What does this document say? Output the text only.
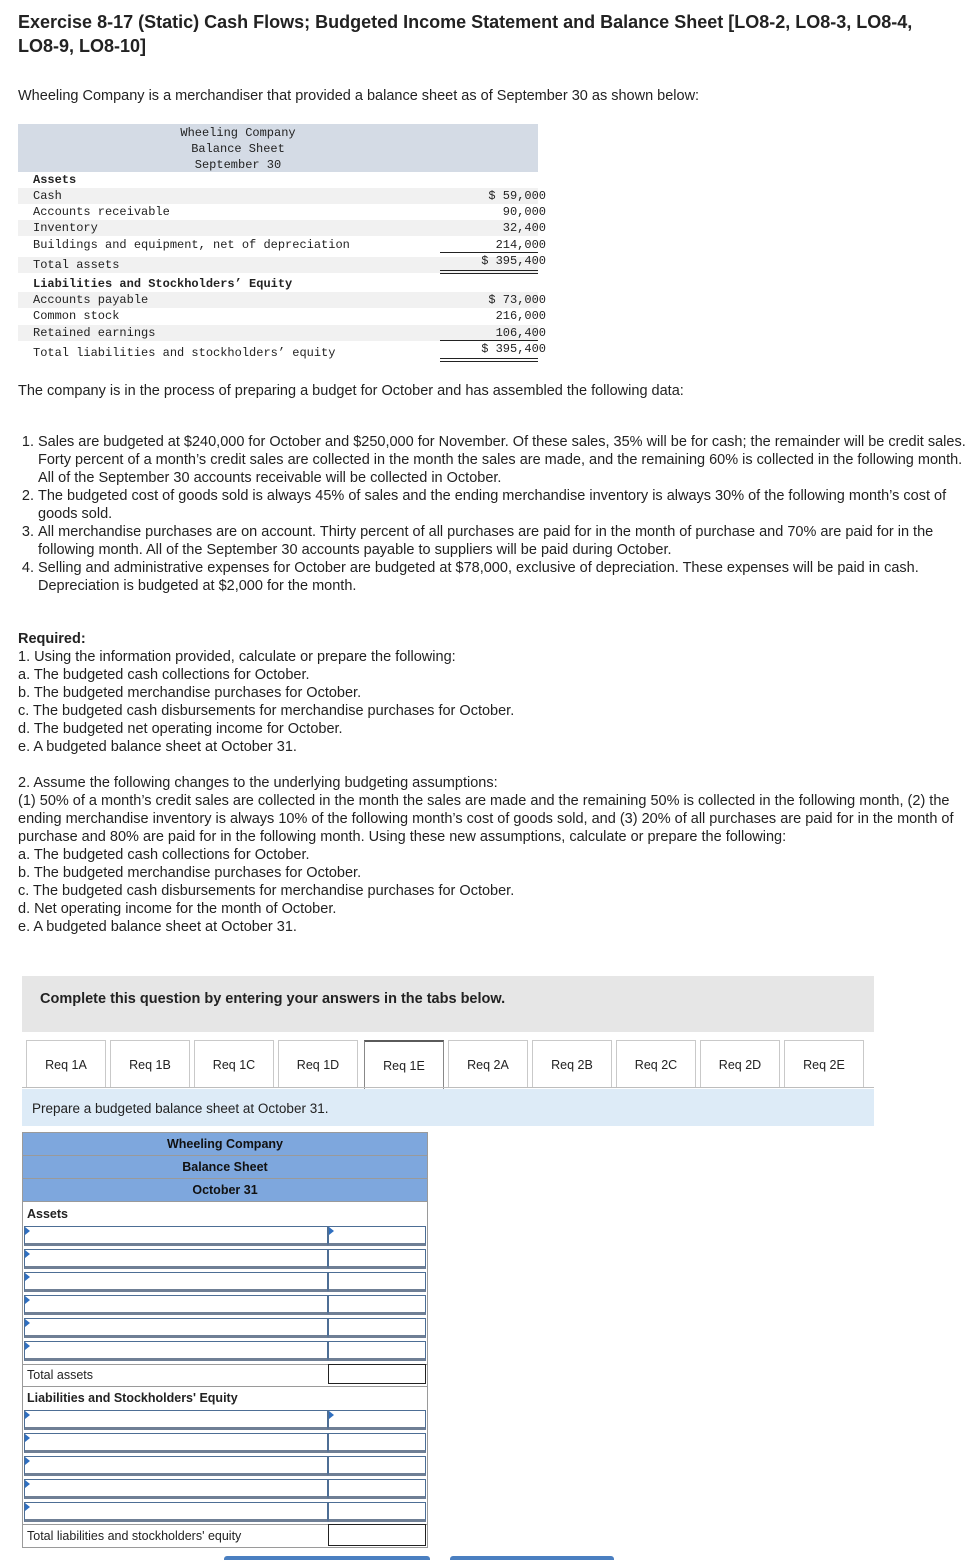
Exercise 8-17 (Static) Cash Flows; Budgeted Income Statement and Balance Sheet [LO8-2, LO8-3, LO8-4, LO8-9, LO8-10]
Wheeling Company is a merchandiser that provided a balance sheet as of September 30 as shown below:
Wheeling Company
Balance Sheet
September 30
Assets
Cash	$ 59,000
Accounts receivable	90,000
Inventory	32,400
Buildings and equipment, net of depreciation	214,000
Total assets	$ 395,400
Liabilities and Stockholders’ Equity
Accounts payable	$ 73,000
Common stock	216,000
Retained earnings	106,400
Total liabilities and stockholders’ equity	$ 395,400
The company is in the process of preparing a budget for October and has assembled the following data:
1. Sales are budgeted at $240,000 for October and $250,000 for November. Of these sales, 35% will be for cash; the remainder will be credit sales. Forty percent of a month’s credit sales are collected in the month the sales are made, and the remaining 60% is collected in the following month. All of the September 30 accounts receivable will be collected in October.
2. The budgeted cost of goods sold is always 45% of sales and the ending merchandise inventory is always 30% of the following month’s cost of goods sold.
3. All merchandise purchases are on account. Thirty percent of all purchases are paid for in the month of purchase and 70% are paid for in the following month. All of the September 30 accounts payable to suppliers will be paid during October.
4. Selling and administrative expenses for October are budgeted at $78,000, exclusive of depreciation. These expenses will be paid in cash. Depreciation is budgeted at $2,000 for the month.
Required:
1. Using the information provided, calculate or prepare the following:
a. The budgeted cash collections for October.
b. The budgeted merchandise purchases for October.
c. The budgeted cash disbursements for merchandise purchases for October.
d. The budgeted net operating income for October.
e. A budgeted balance sheet at October 31.
2. Assume the following changes to the underlying budgeting assumptions:
(1) 50% of a month’s credit sales are collected in the month the sales are made and the remaining 50% is collected in the following month, (2) the ending merchandise inventory is always 10% of the following month’s cost of goods sold, and (3) 20% of all purchases are paid for in the month of purchase and 80% are paid for in the following month. Using these new assumptions, calculate or prepare the following:
a. The budgeted cash collections for October.
b. The budgeted merchandise purchases for October.
c. The budgeted cash disbursements for merchandise purchases for October.
d. Net operating income for the month of October.
e. A budgeted balance sheet at October 31.
Complete this question by entering your answers in the tabs below.
Req 1A	Req 1B	Req 1C	Req 1D	Req 1E	Req 2A	Req 2B	Req 2C	Req 2D	Req 2E
Prepare a budgeted balance sheet at October 31.
Wheeling Company
Balance Sheet
October 31
Assets
Total assets
Liabilities and Stockholders' Equity
Total liabilities and stockholders' equity
